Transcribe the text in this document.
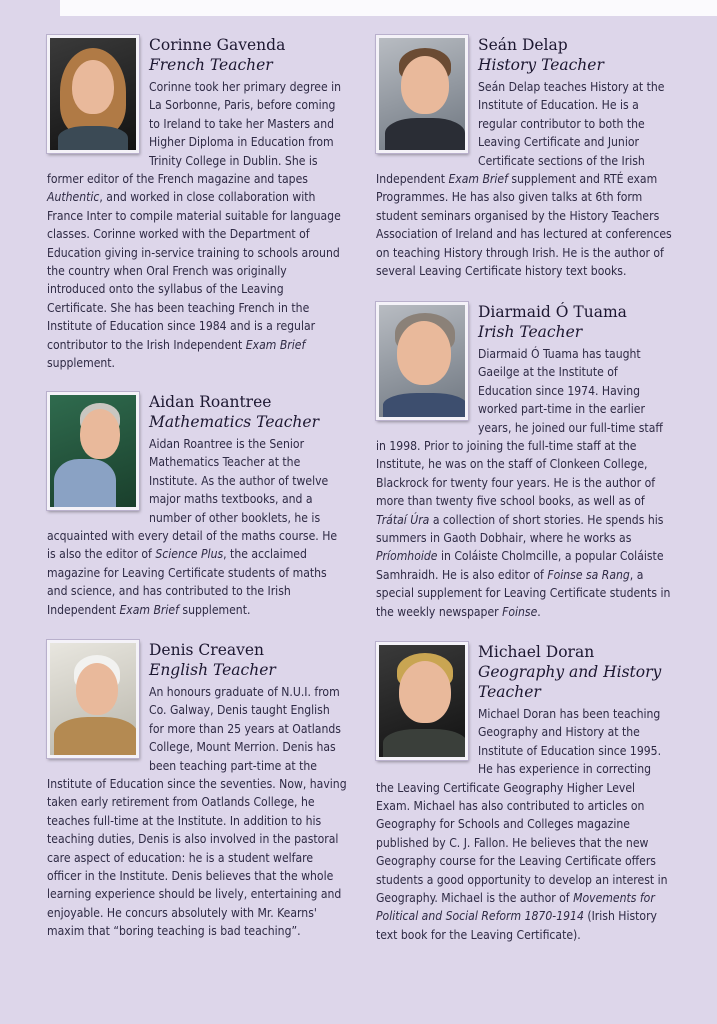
Corinne Gavenda

French Teacher

Corinne took her primary degree in La Sorbonne, Paris, before coming to Ireland to take her Masters and Higher Diploma in Education from Trinity College in Dublin. She is former editor of the French magazine and tapes Authentic, and worked in close collaboration with France Inter to compile material suitable for language classes. Corinne worked with the Department of Education giving in-service training to schools around the country when Oral French was originally introduced onto the syllabus of the Leaving Certificate. She has been teaching French in the Institute of Education since 1984 and is a regular contributor to the Irish Independent Exam Brief supplement.

Aidan Roantree

Mathematics Teacher

Aidan Roantree is the Senior Mathematics Teacher at the Institute. As the author of twelve major maths textbooks, and a number of other booklets, he is acquainted with every detail of the maths course. He is also the editor of Science Plus, the acclaimed magazine for Leaving Certificate students of maths and science, and has contributed to the Irish Independent Exam Brief supplement.

Denis Creaven

English Teacher

An honours graduate of N.U.I. from Co. Galway, Denis taught English for more than 25 years at Oatlands College, Mount Merrion. Denis has been teaching part-time at the Institute of Education since the seventies. Now, having taken early retirement from Oatlands College, he teaches full-time at the Institute. In addition to his teaching duties, Denis is also involved in the pastoral care aspect of education: he is a student welfare officer in the Institute. Denis believes that the whole learning experience should be lively, entertaining and enjoyable. He concurs absolutely with Mr. Kearns' maxim that “boring teaching is bad teaching”.

Seán Delap

History Teacher

Seán Delap teaches History at the Institute of Education. He is a regular contributor to both the Leaving Certificate and Junior Certificate sections of the Irish Independent Exam Brief supplement and RTÉ exam Programmes. He has also given talks at 6th form student seminars organised by the History Teachers Association of Ireland and has lectured at conferences on teaching History through Irish. He is the author of several Leaving Certificate history text books.

Diarmaid Ó Tuama

Irish Teacher

Diarmaid Ó Tuama has taught Gaeilge at the Institute of Education since 1974. Having worked part-time in the earlier years, he joined our full-time staff in 1998. Prior to joining the full-time staff at the Institute, he was on the staff of Clonkeen College, Blackrock for twenty four years. He is the author of more than twenty five school books, as well as of Trátaí Úra a collection of short stories. He spends his summers in Gaoth Dobhair, where he works as Príomhoide in Coláiste Cholmcille, a popular Coláiste Samhraidh. He is also editor of Foinse sa Rang, a special supplement for Leaving Certificate students in the weekly newspaper Foinse.

Michael Doran

Geography and History Teacher

Michael Doran has been teaching Geography and History at the Institute of Education since 1995. He has experience in correcting the Leaving Certificate Geography Higher Level Exam. Michael has also contributed to articles on Geography for Schools and Colleges magazine published by C. J. Fallon. He believes that the new Geography course for the Leaving Certificate offers students a good opportunity to develop an interest in Geography. Michael is the author of Movements for Political and Social Reform 1870-1914 (Irish History text book for the Leaving Certificate).
